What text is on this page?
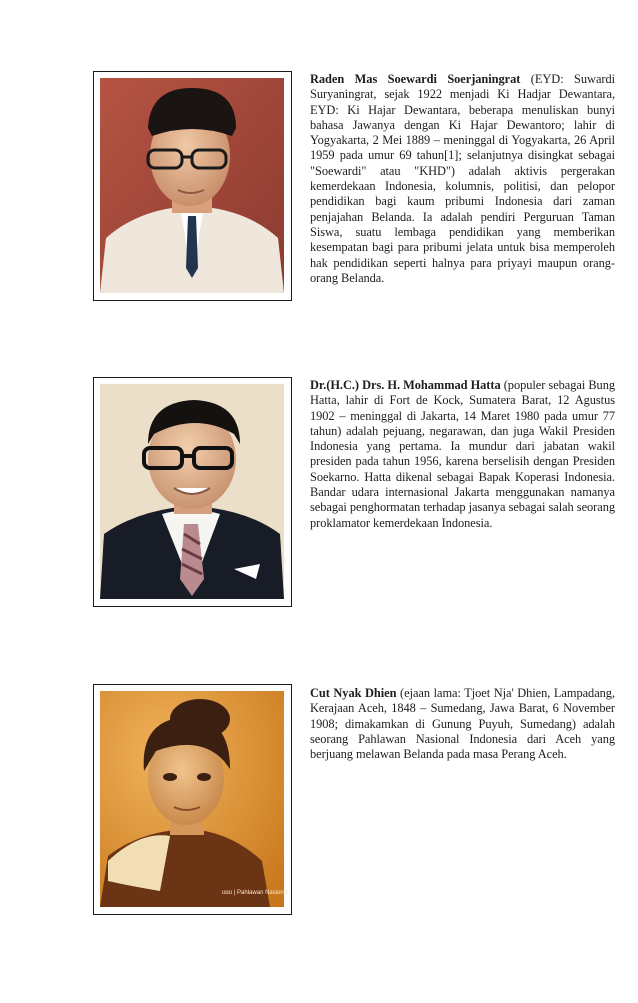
Raden Mas Soewardi Soerjaningrat (EYD: Suwardi Suryaningrat, sejak 1922 menjadi Ki Hadjar Dewantara, EYD: Ki Hajar Dewantara, beberapa menuliskan bunyi bahasa Jawanya dengan Ki Hajar Dewantoro; lahir di Yogyakarta, 2 Mei 1889 – meninggal di Yogyakarta, 26 April 1959 pada umur 69 tahun[1]; selanjutnya disingkat sebagai "Soewardi" atau "KHD") adalah aktivis pergerakan kemerdekaan Indonesia, kolumnis, politisi, dan pelopor pendidikan bagi kaum pribumi Indonesia dari zaman penjajahan Belanda. Ia adalah pendiri Perguruan Taman Siswa, suatu lembaga pendidikan yang memberikan kesempatan bagi para pribumi jelata untuk bisa memperoleh hak pendidikan seperti halnya para priyayi maupun orang-orang Belanda.
Dr.(H.C.) Drs. H. Mohammad Hatta (populer sebagai Bung Hatta, lahir di Fort de Kock, Sumatera Barat, 12 Agustus 1902 – meninggal di Jakarta, 14 Maret 1980 pada umur 77 tahun) adalah pejuang, negarawan, dan juga Wakil Presiden Indonesia yang pertama. Ia mundur dari jabatan wakil presiden pada tahun 1956, karena berselisih dengan Presiden Soekarno. Hatta dikenal sebagai Bapak Koperasi Indonesia. Bandar udara internasional Jakarta menggunakan namanya sebagai penghormatan terhadap jasanya sebagai salah seorang proklamator kemerdekaan Indonesia.
ʊɑʊ | Pahlawan Nasional
Cut Nyak Dhien (ejaan lama: Tjoet Nja' Dhien, Lampadang, Kerajaan Aceh, 1848 – Sumedang, Jawa Barat, 6 November 1908; dimakamkan di Gunung Puyuh, Sumedang) adalah seorang Pahlawan Nasional Indonesia dari Aceh yang berjuang melawan Belanda pada masa Perang Aceh.
